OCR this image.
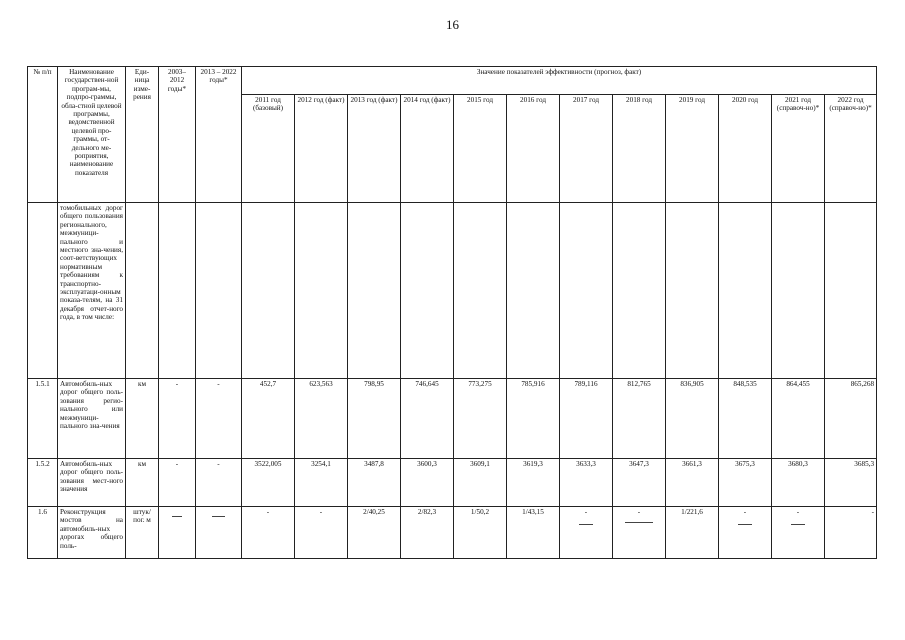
16
№ п/п	Наименование государствен-ной програм-мы, подпро-граммы, обла-стной целевой программы, ведомственной целевой про-граммы, от-дельного ме-роприятия, наименование показателя	Еди-ница изме-рения	2003–2012 годы*	2013 – 2022 годы*	Значение показателей эффективности (прогноз, факт)											
					2011 год (базовый)	2012 год (факт)	2013 год (факт)	2014 год (факт)	2015 год	2016 год	2017 год	2018 год	2019 год	2020 год	2021 год (справоч-но)*	2022 год (справоч-но)*
	томобильных дорог общего пользования регионального, межмуници-пального и местного зна-чения, соот-ветствующих нормативным требованиям к транспортно-эксплуатаци-онным показа-телям, на 31 декабря отчет-ного года, в том числе:															
1.5.1	Автомобиль-ных дорог общего поль-зования регио-нального или межмуници-пального зна-чения	км	-	-	452,7	623,563	798,95	746,645	773,275	785,916	789,116	812,765	836,905	848,535	864,455	865,268
1.5.2	Автомобиль-ных дорог общего поль-зования мест-ного значения	км	-	-	3522,005	3254,1	3487,8	3600,3	3609,1	3619,3	3633,3	3647,3	3661,3	3675,3	3680,3	3685,3
1.6	Реконструкция мостов на автомобиль-ных дорогах общего поль-	штук/ пог. м			-	-	2/40,25	2/82,3	1/50,2	1/43,15	-	-	1/221,6	-	-	-
